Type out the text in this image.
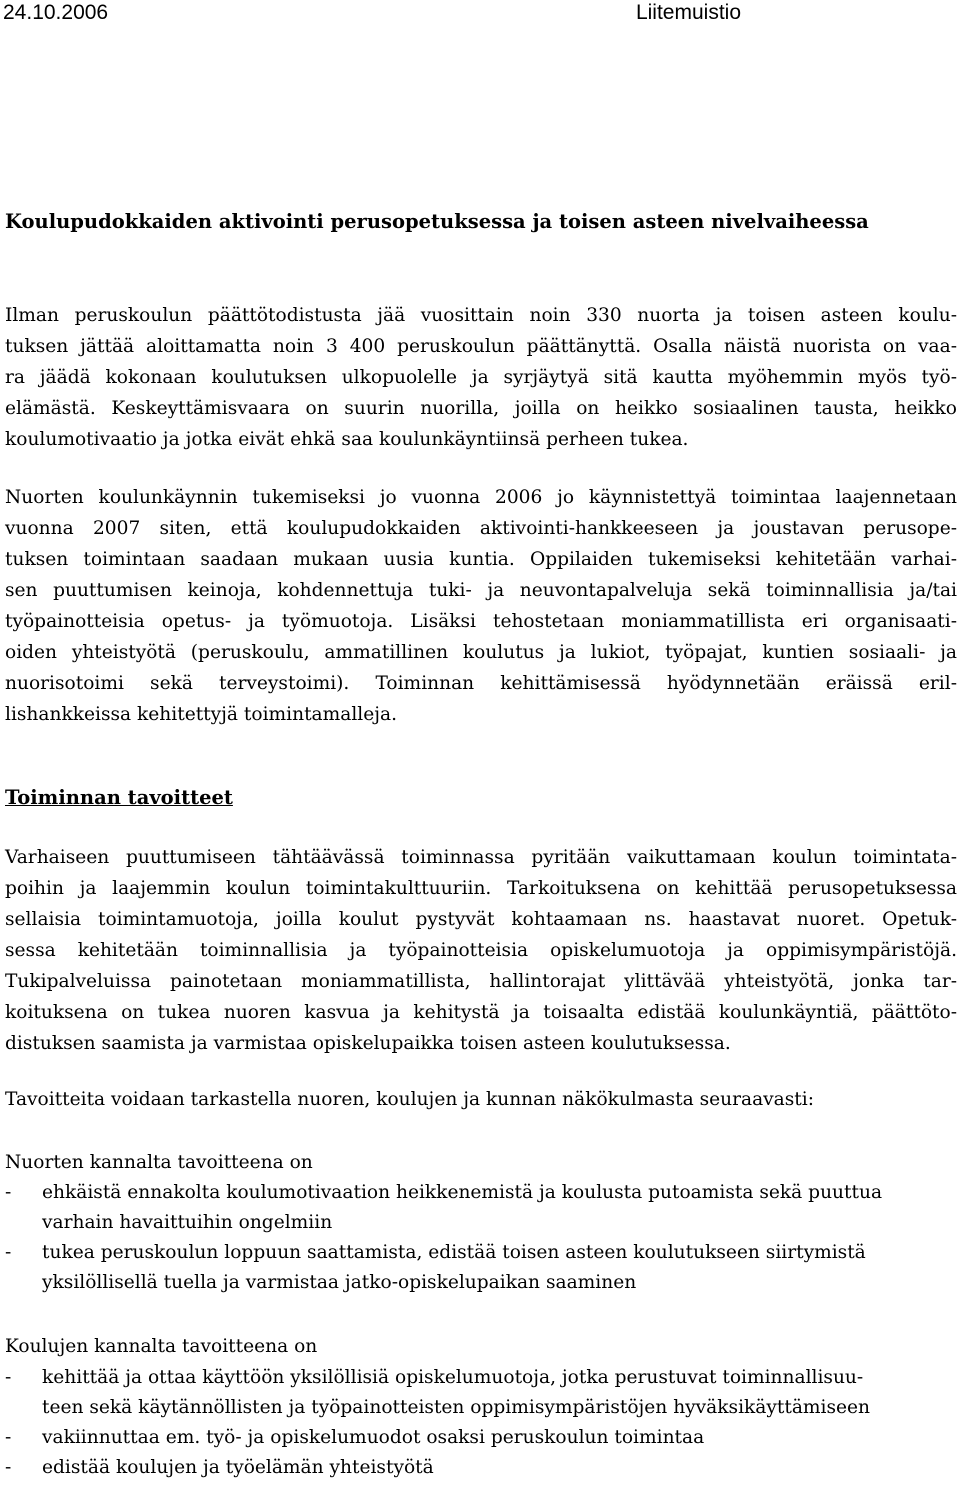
24.10.2006	Liitemuistio
Koulupudokkaiden aktivointi perusopetuksessa ja toisen asteen nivelvaiheessa
Ilman peruskoulun päättötodistusta jää vuosittain noin 330 nuorta ja toisen asteen koulu-
tuksen jättää aloittamatta noin 3 400 peruskoulun päättänyttä. Osalla näistä nuorista on vaa-
ra jäädä kokonaan koulutuksen ulkopuolelle ja syrjäytyä sitä kautta myöhemmin myös työ-
elämästä. Keskeyttämisvaara on suurin nuorilla, joilla on heikko sosiaalinen tausta, heikko
koulumotivaatio ja jotka eivät ehkä saa koulunkäyntiinsä perheen tukea.
Nuorten koulunkäynnin tukemiseksi jo vuonna 2006 jo käynnistettyä toimintaa laajennetaan
vuonna 2007 siten, että koulupudokkaiden aktivointi-hankkeeseen ja joustavan perusope-
tuksen toimintaan saadaan mukaan uusia kuntia. Oppilaiden tukemiseksi kehitetään varhai-
sen puuttumisen keinoja, kohdennettuja tuki- ja neuvontapalveluja sekä toiminnallisia ja/tai
työpainotteisia opetus- ja työmuotoja. Lisäksi tehostetaan moniammatillista eri organisaati-
oiden yhteistyötä (peruskoulu, ammatillinen koulutus ja lukiot, työpajat, kuntien sosiaali- ja
nuorisotoimi sekä terveystoimi). Toiminnan kehittämisessä hyödynnetään eräissä eril-
lishankkeissa kehitettyjä toimintamalleja.
Toiminnan tavoitteet
Varhaiseen puuttumiseen tähtäävässä toiminnassa pyritään vaikuttamaan koulun toimintata-
poihin ja laajemmin koulun toimintakulttuuriin. Tarkoituksena on kehittää perusopetuksessa
sellaisia toimintamuotoja, joilla koulut pystyvät kohtaamaan ns. haastavat nuoret. Opetuk-
sessa kehitetään toiminnallisia ja työpainotteisia opiskelumuotoja ja oppimisympäristöjä.
Tukipalveluissa painotetaan moniammatillista, hallintorajat ylittävää yhteistyötä, jonka tar-
koituksena on tukea nuoren kasvua ja kehitystä ja toisaalta edistää koulunkäyntiä, päättöto-
distuksen saamista ja varmistaa opiskelupaikka toisen asteen koulutuksessa.
Tavoitteita voidaan tarkastella nuoren, koulujen ja kunnan näkökulmasta seuraavasti:
Nuorten kannalta tavoitteena on
- ehkäistä ennakolta koulumotivaation heikkenemistä ja koulusta putoamista sekä puuttua
varhain havaittuihin ongelmiin
- tukea peruskoulun loppuun saattamista, edistää toisen asteen koulutukseen siirtymistä
yksilöllisellä tuella ja varmistaa jatko-opiskelupaikan saaminen
Koulujen kannalta tavoitteena on
- kehittää ja ottaa käyttöön yksilöllisiä opiskelumuotoja, jotka perustuvat toiminnallisuu-
teen sekä käytännöllisten ja työpainotteisten oppimisympäristöjen hyväksikäyttämiseen
- vakiinnuttaa em. työ- ja opiskelumuodot osaksi peruskoulun toimintaa
- edistää koulujen ja työelämän yhteistyötä
